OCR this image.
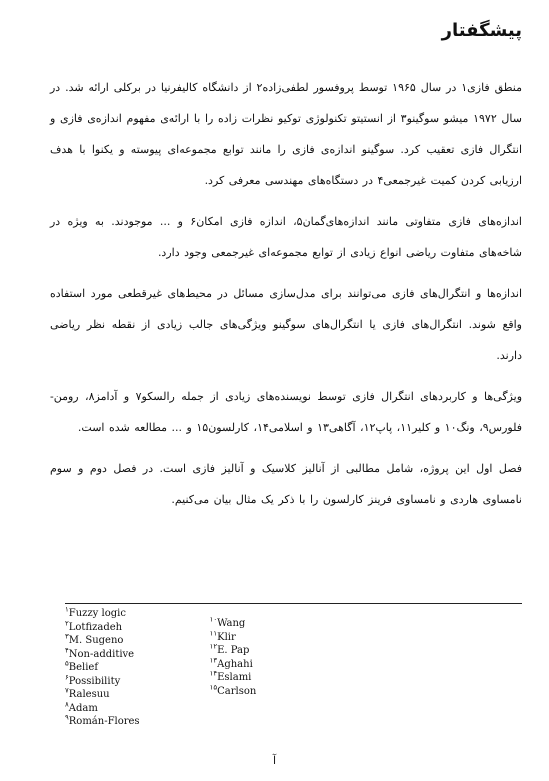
پیشگفتار

منطق فازی۱ در سال ۱۹۶۵ توسط پروفسور لطفی‌زاده۲ از دانشگاه کالیفرنیا در برکلی ارائه شد. در سال ۱۹۷۲ میشو سوگینو۳ از انستیتو تکنولوژی توکیو نظرات زاده را با ارائه‌ی مفهوم اندازه‌ی فازی و انتگرال فازی تعقیب کرد. سوگینو اندازه‌ی فازی را مانند توابع مجموعه‌ای پیوسته و یکنوا با هدف ارزیابی کردن کمیت غیرجمعی۴ در دستگاه‌های مهندسی معرفی کرد.

اندازه‌های فازی متفاوتی مانند اندازه‌های‌گمان۵، اندازه فازی امکان۶ و ... موجودند. به ویژه در شاخه‌های متفاوت ریاضی انواع زیادی از توابع مجموعه‌ای غیرجمعی وجود دارد.

اندازه‌ها و انتگرال‌های فازی می‌توانند برای مدل‌سازی مسائل در محیط‌های غیرقطعی مورد استفاده واقع شوند. انتگرال‌های فازی یا انتگرال‌های سوگینو ویژگی‌های جالب زیادی از نقطه نظر ریاضی دارند.

ویژگی‌ها و کاربردهای انتگرال فازی توسط نویسنده‌های زیادی از جمله رالسکو۷ و آدامز۸، رومن-فلورس۹، ونگ۱۰ و کلیر۱۱، پاپ۱۲، آگاهی۱۳ و اسلامی۱۴، کارلسون۱۵ و ... مطالعه شده است.

فصل اول این پروژه، شامل مطالبی از آنالیز کلاسیک و آنالیز فازی است. در فصل دوم و سوم نامساوی هاردی و نامساوی فرینز کارلسون را با ذکر یک مثال بیان می‌کنیم.

$^۱$Fuzzy logic
$^۲$Lotfizadeh
$^۳$M. Sugeno
$^۴$Non-additive
$^۵$Belief
$^۶$Possibility
$^۷$Ralesuu
$^۸$Adam
$^۹$Román-Flores
$^{۱۰}$Wang
$^{۱۱}$Klir
$^{۱۲}$E. Pap
$^{۱۳}$Aghahi
$^{۱۴}$Eslami
$^{۱۵}$Carlson
آ
